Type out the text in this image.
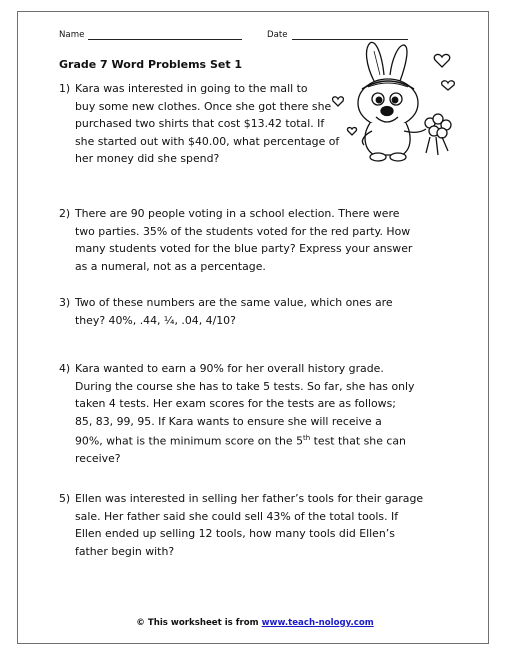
Name	Date
Grade 7 Word Problems Set 1
1) Kara was interested in going to the mall to
buy some new clothes. Once she got there she
purchased two shirts that cost $13.42 total. If
she started out with $40.00, what percentage of
her money did she spend?
2) There are 90 people voting in a school election. There were
two parties. 35% of the students voted for the red party. How
many students voted for the blue party? Express your answer
as a numeral, not as a percentage.
3) Two of these numbers are the same value, which ones are
they? 40%, .44, ¼, .04, 4/10?
4) Kara wanted to earn a 90% for her overall history grade.
During the course she has to take 5 tests. So far, she has only
taken 4 tests. Her exam scores for the tests are as follows;
85, 83, 99, 95. If Kara wants to ensure she will receive a
90%, what is the minimum score on the 5th test that she can
receive?
5) Ellen was interested in selling her father’s tools for their garage
sale. Her father said she could sell 43% of the total tools. If
Ellen ended up selling 12 tools, how many tools did Ellen’s
father begin with?
© This worksheet is from www.teach-nology.com
